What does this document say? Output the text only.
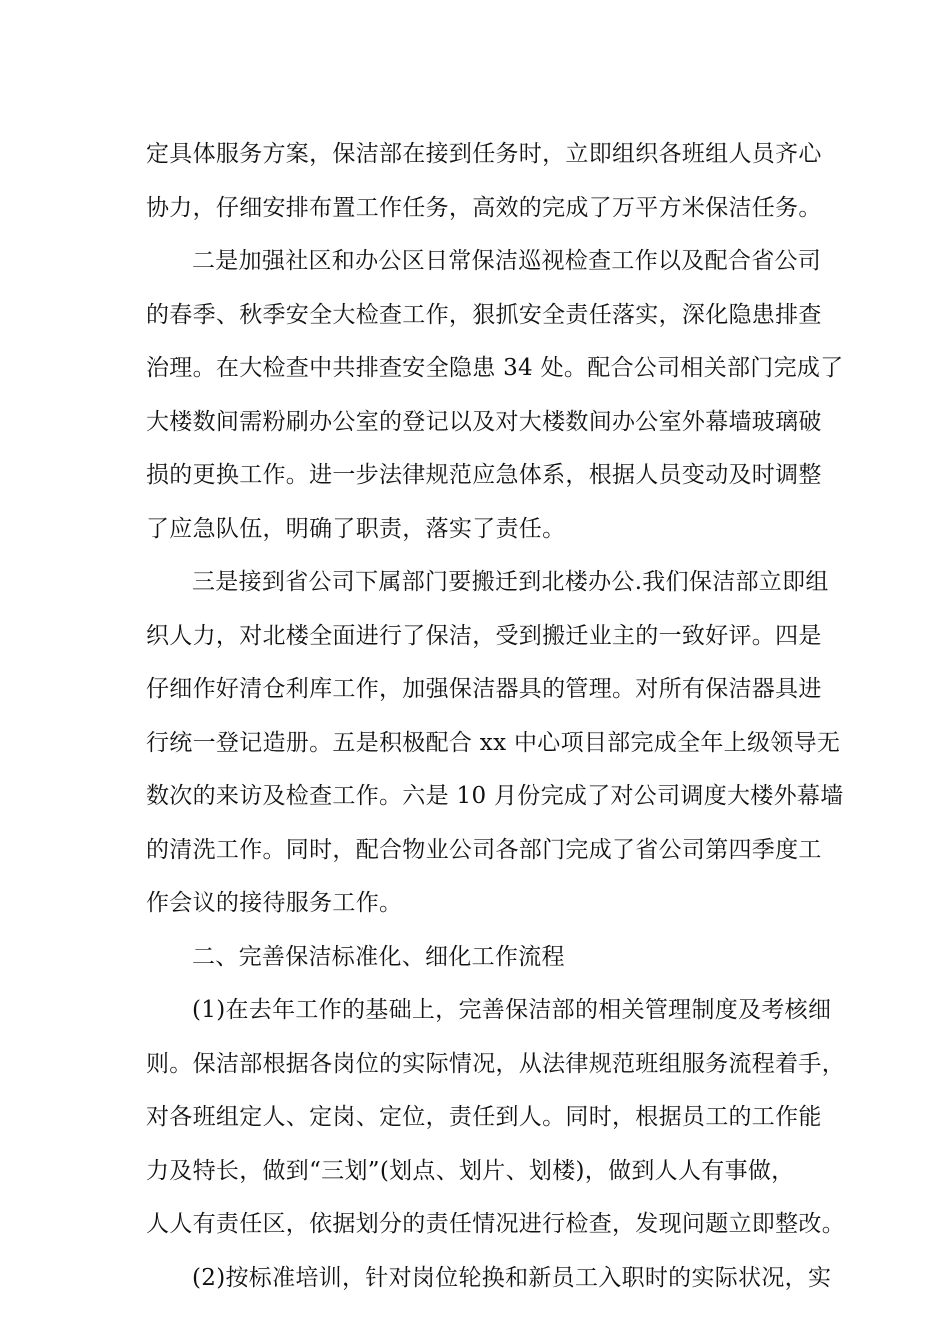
定具体服务方案，保洁部在接到任务时，立即组织各班组人员齐心
协力，仔细安排布置工作任务，高效的完成了万平方米保洁任务。
二是加强社区和办公区日常保洁巡视检查工作以及配合省公司
的春季、秋季安全大检查工作，狠抓安全责任落实，深化隐患排查
治理。在大检查中共排查安全隐患 34 处。配合公司相关部门完成了
大楼数间需粉刷办公室的登记以及对大楼数间办公室外幕墙玻璃破
损的更换工作。进一步法律规范应急体系，根据人员变动及时调整
了应急队伍，明确了职责，落实了责任。
三是接到省公司下属部门要搬迁到北楼办公.我们保洁部立即组
织人力，对北楼全面进行了保洁，受到搬迁业主的一致好评。四是
仔细作好清仓利库工作，加强保洁器具的管理。对所有保洁器具进
行统一登记造册。五是积极配合 xx 中心项目部完成全年上级领导无
数次的来访及检查工作。六是 10 月份完成了对公司调度大楼外幕墙
的清洗工作。同时，配合物业公司各部门完成了省公司第四季度工
作会议的接待服务工作。
二、完善保洁标准化、细化工作流程
(1)在去年工作的基础上，完善保洁部的相关管理制度及考核细
则。保洁部根据各岗位的实际情况，从法律规范班组服务流程着手，
对各班组定人、定岗、定位，责任到人。同时，根据员工的工作能
力及特长，做到“三划”(划点、划片、划楼)，做到人人有事做，
人人有责任区，依据划分的责任情况进行检查，发现问题立即整改。
(2)按标准培训，针对岗位轮换和新员工入职时的实际状况，实
